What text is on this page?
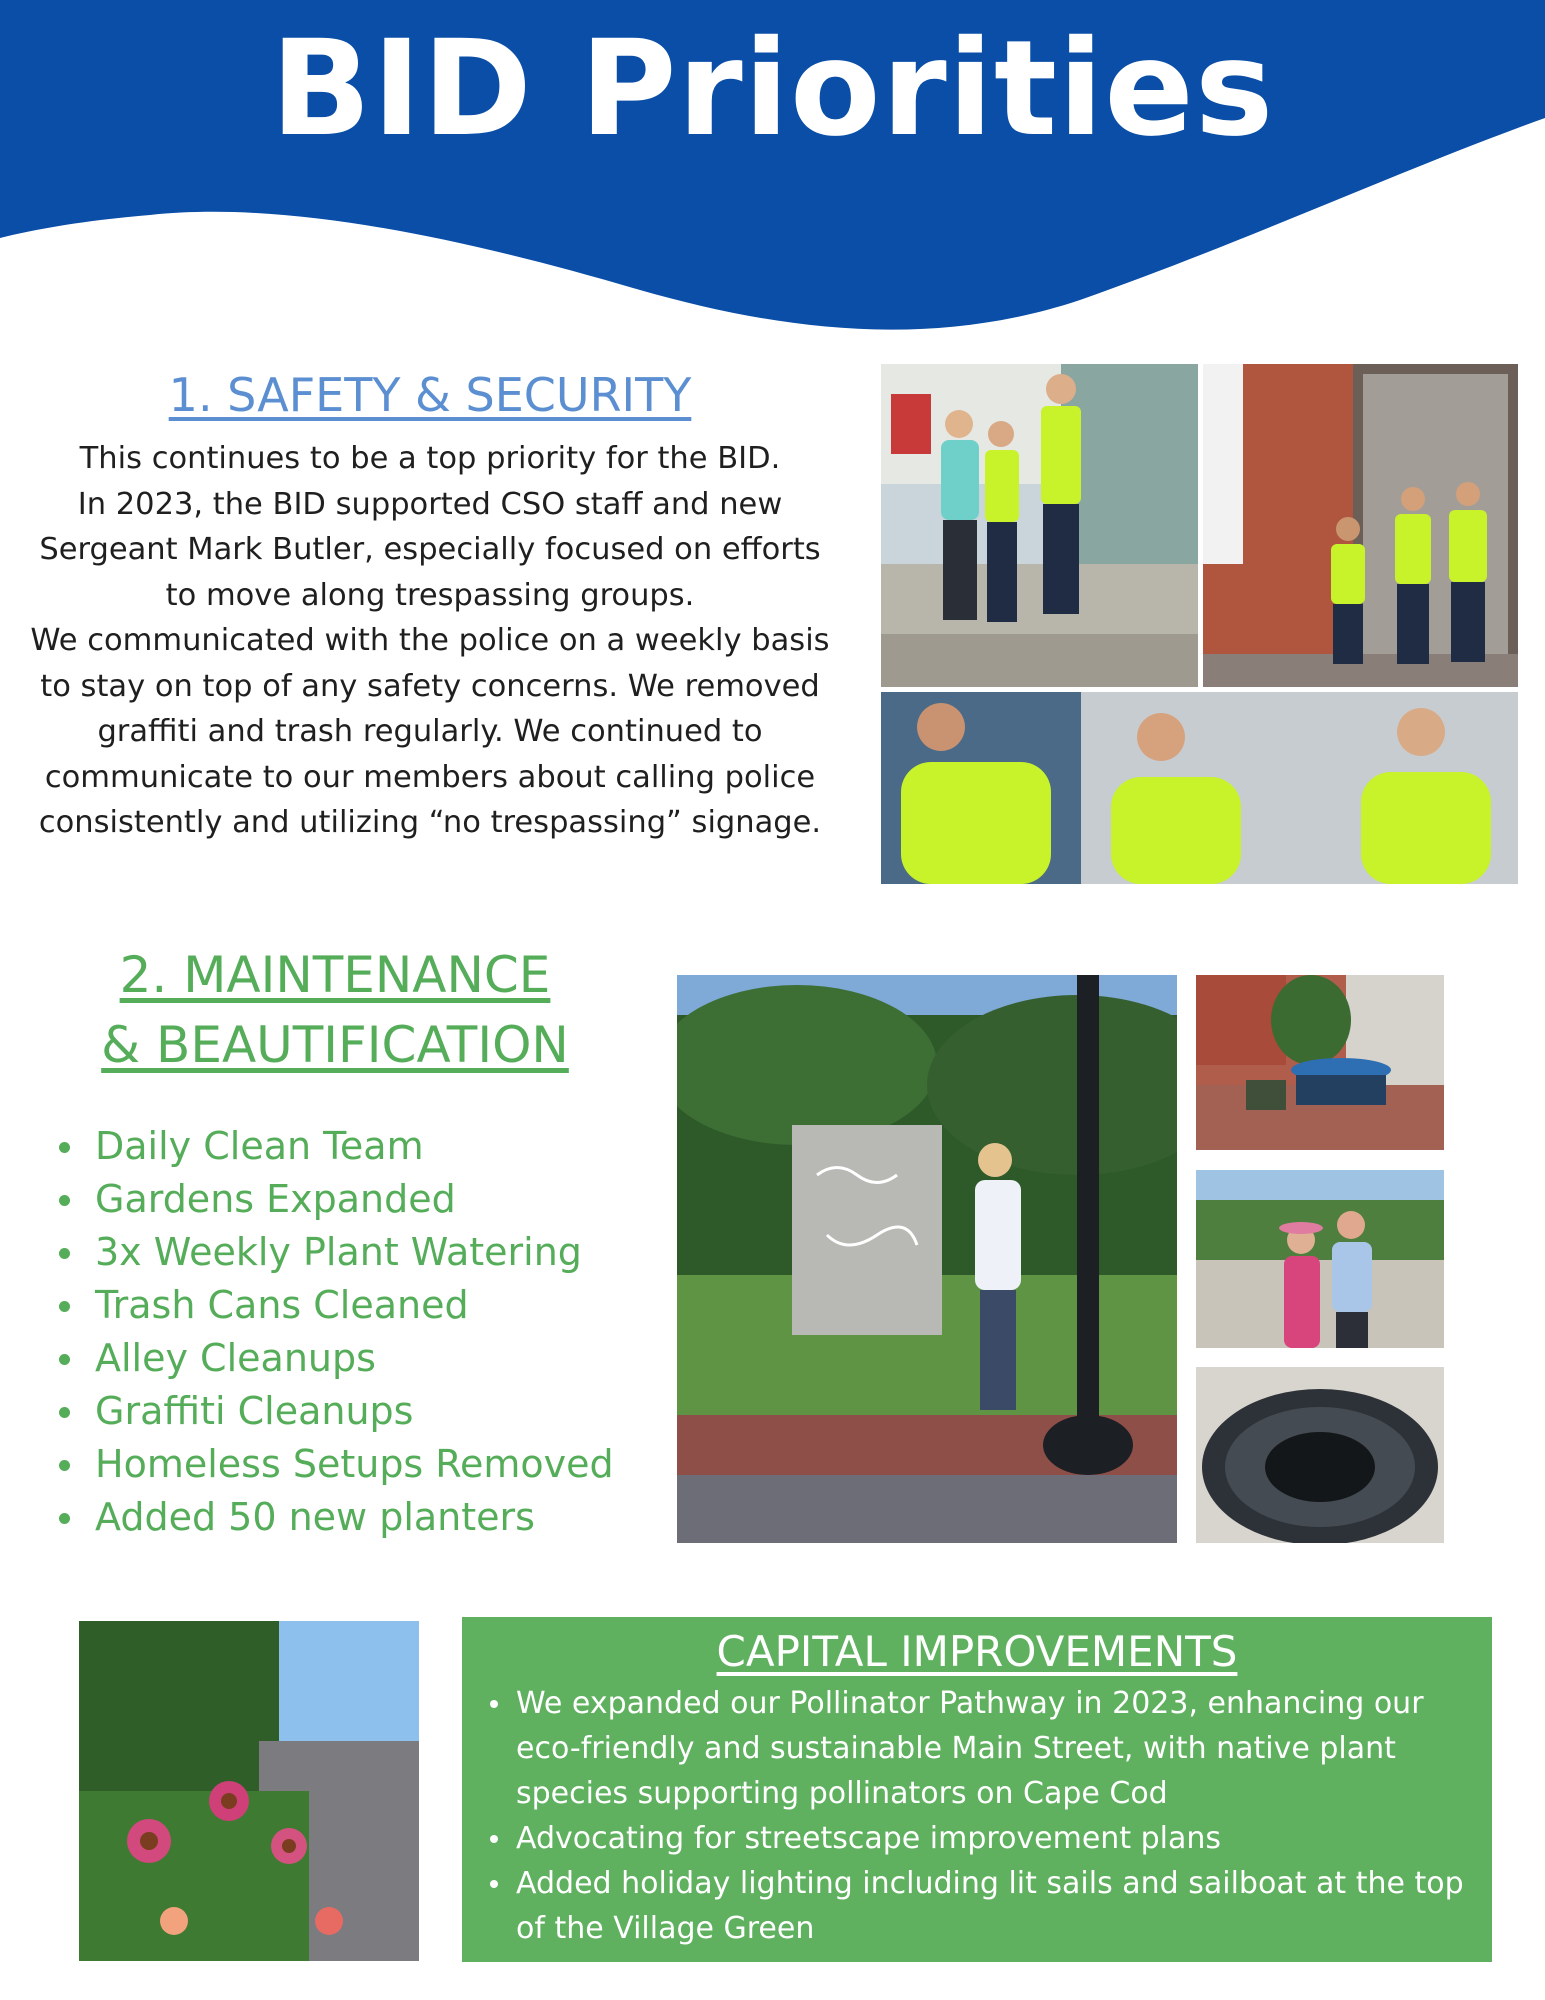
BID Priorities
1. SAFETY & SECURITY

This continues to be a top priority for the BID.

In 2023, the BID supported CSO staff and new Sergeant Mark Butler, especially focused on efforts to move along trespassing groups.

We communicated with the police on a weekly basis to stay on top of any safety concerns. We removed graffiti and trash regularly. We continued to communicate to our members about calling police consistently and utilizing “no trespassing” signage.

2. MAINTENANCE
& BEAUTIFICATION
Daily Clean Team
Gardens Expanded
3x Weekly Plant Watering
Trash Cans Cleaned
Alley Cleanups
Graffiti Cleanups
Homeless Setups Removed
Added 50 new planters
CAPITAL IMPROVEMENTS
We expanded our Pollinator Pathway in 2023, enhancing our eco-friendly and sustainable Main Street, with native plant species supporting pollinators on Cape Cod
Advocating for streetscape improvement plans
Added holiday lighting including lit sails and sailboat at the top of the Village Green
